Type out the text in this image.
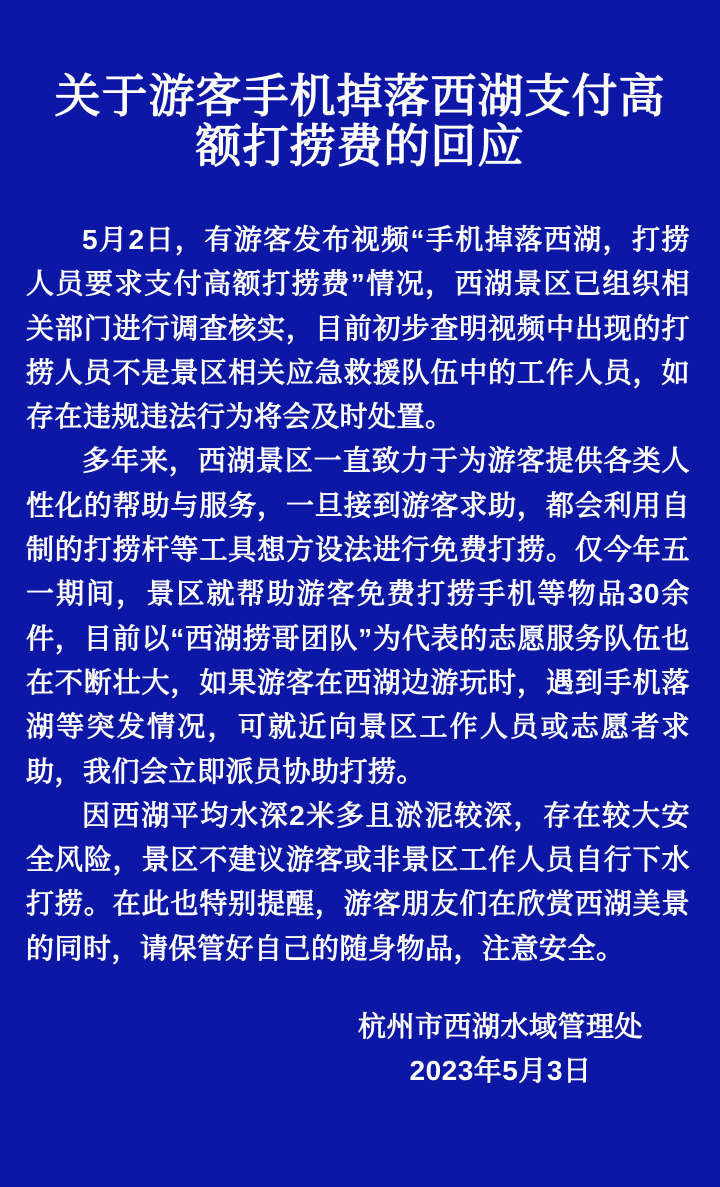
关于游客手机掉落西湖支付高
额打捞费的回应

5月2日，有游客发布视频“手机掉落西湖，打捞人员要求支付高额打捞费”情况，西湖景区已组织相关部门进行调查核实，目前初步查明视频中出现的打捞人员不是景区相关应急救援队伍中的工作人员，如存在违规违法行为将会及时处置。

多年来，西湖景区一直致力于为游客提供各类人性化的帮助与服务，一旦接到游客求助，都会利用自制的打捞杆等工具想方设法进行免费打捞。仅今年五一期间，景区就帮助游客免费打捞手机等物品30余件，目前以“西湖捞哥团队”为代表的志愿服务队伍也在不断壮大，如果游客在西湖边游玩时，遇到手机落湖等突发情况，可就近向景区工作人员或志愿者求助，我们会立即派员协助打捞。

因西湖平均水深2米多且淤泥较深，存在较大安全风险，景区不建议游客或非景区工作人员自行下水打捞。在此也特别提醒，游客朋友们在欣赏西湖美景的同时，请保管好自己的随身物品，注意安全。

杭州市西湖水域管理处
2023年5月3日
